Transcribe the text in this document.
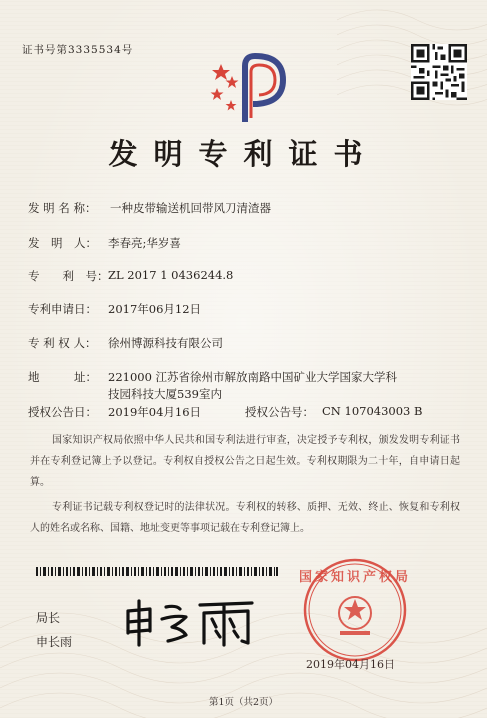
证书号第3335534号
发明专利证书
发 明 名 称： 一种皮带输送机回带风刀清渣器
发　明　人： 李春亮;华岁喜
专　　利　号： ZL 2017 1 0436244.8
专利申请日： 2017年06月12日
专 利 权 人： 徐州博源科技有限公司
地　　　址： 221000 江苏省徐州市解放南路中国矿业大学国家大学科
技园科技大厦539室内
授权公告日： 2019年04月16日	授权公告号： CN 107043003 B
国家知识产权局依照中华人民共和国专利法进行审查，决定授予专利权，颁发发明专利证书并在专利登记簿上予以登记。专利权自授权公告之日起生效。专利权期限为二十年，自申请日起算。
专利证书记载专利权登记时的法律状况。专利权的转移、质押、无效、终止、恢复和专利权人的姓名或名称、国籍、地址变更等事项记载在专利登记簿上。
局长
申长雨
国家知识产权局
2019年04月16日
第1页（共2页）
